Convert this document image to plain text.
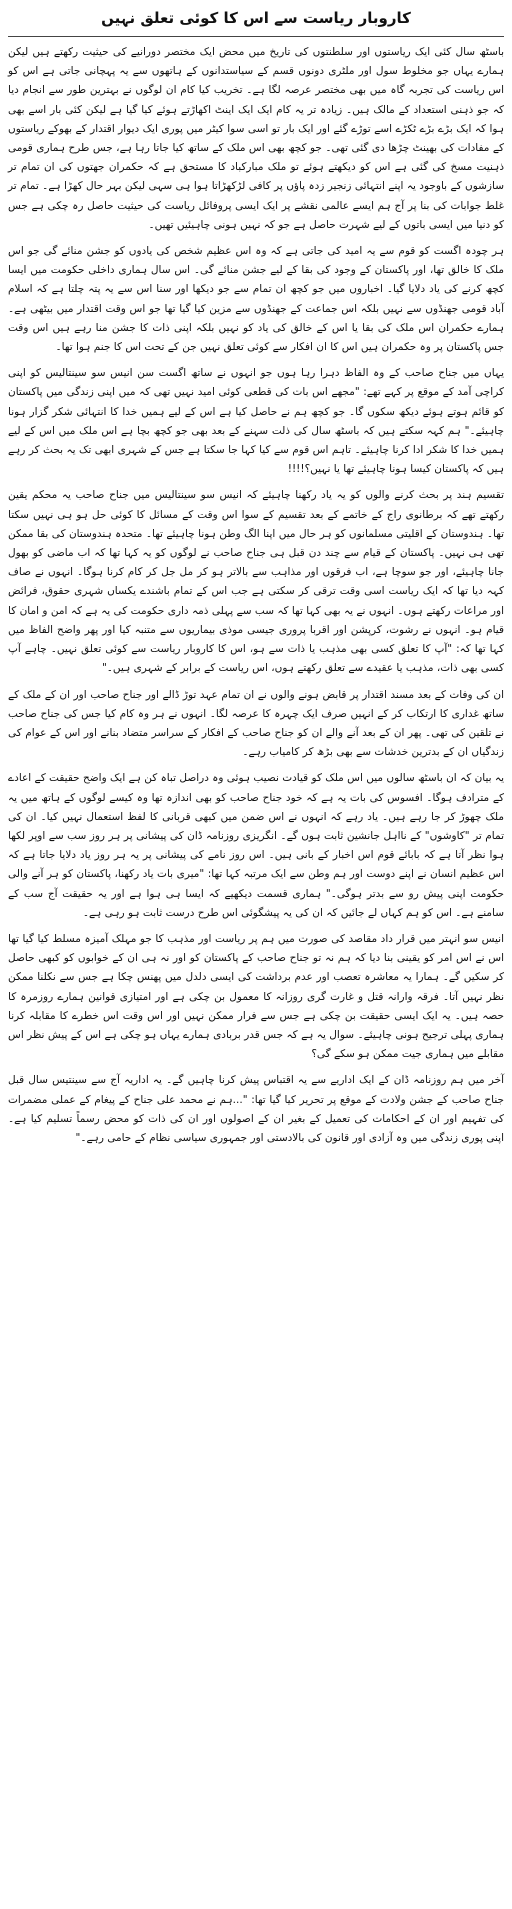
کاروبار ریاست سے اس کا کوئی تعلق نہیں

باسٹھ سال کئی ایک ریاستوں اور سلطنتوں کی تاریخ میں محض ایک مختصر دورانیے کی حیثیت رکھتے ہیں لیکن ہمارے یہاں جو مخلوط سول اور ملٹری دونوں قسم کے سیاستدانوں کے ہاتھوں سے یہ پہچانی جاتی ہے اس کو اس ریاست کی تجربہ گاہ میں بھی مختصر عرصہ لگا ہے۔ تخریب کیا کام ان لوگوں نے بہترین طور سے انجام دیا کہ جو ذہنی استعداد کے مالک ہیں۔ زیادہ تر یہ کام ایک ایک اینٹ اکھاڑتے ہوئے کیا گیا ہے لیکن کئی بار اسے بھی ہوا کہ ایک بڑے بڑے ٹکڑے اسے توڑے گئے اور ایک بار تو اسی سوا کیٹر میں پوری ایک دیوار اقتدار کے بھوکے ریاستوں کے مفادات کی بھینٹ چڑھا دی گئی تھی۔ جو کچھ بھی اس ملک کے ساتھ کیا جاتا رہا ہے، جس طرح ہماری قومی ذہنیت مسخ کی گئی ہے اس کو دیکھتے ہوئے تو ملک مبارکباد کا مستحق ہے کہ حکمران جھتوں کی ان تمام تر سازشوں کے باوجود یہ اپنے انتہائی زنجیر زدہ پاؤں پر کافی لڑکھڑاتا ہوا ہی سہی لیکن بہر حال کھڑا ہے۔ تمام تر غلط جوابات کی بنا پر آج ہم ایسے عالمی نقشے پر ایک ایسی پروفائل ریاست کی حیثیت حاصل رہ چکی ہے جس کو دنیا میں ایسی باتوں کے لیے شہرت حاصل ہے جو کہ نہیں ہونی چاہیئیں تھیں۔

ہر چودہ اگست کو قوم سے یہ امید کی جاتی ہے کہ وہ اس عظیم شخص کی یادوں کو جشن منائے گی جو اس ملک کا خالق تھا، اور پاکستان کے وجود کی بقا کے لیے جشن منائے گی۔ اس سال ہماری داخلی حکومت میں ایسا کچھ کرنے کی یاد دلایا گیا۔ اخباروں میں جو کچھ ان تمام سے جو دیکھا اور سنا اس سے یہ پتہ چلتا ہے کہ اسلام آباد قومی جھنڈوں سے نہیں بلکہ اس جماعت کے جھنڈوں سے مزین کیا گیا تھا جو اس وقت اقتدار میں بیٹھی ہے۔ ہمارے حکمران اس ملک کی بقا یا اس کے خالق کی یاد کو نہیں بلکہ اپنی ذات کا جشن منا رہے ہیں اس وقت جس پاکستان پر وہ حکمران ہیں اس کا ان افکار سے کوئی تعلق نہیں جن کے تحت اس کا جنم ہوا تھا۔

یہاں میں جناح صاحب کے وہ الفاظ دہرا رہا ہوں جو انہوں نے ساتھ اگست سن انیس سو سینتالیس کو اپنی کراچی آمد کے موقع پر کہے تھے: "مجھے اس بات کی قطعی کوئی امید نہیں تھی کہ میں اپنی زندگی میں پاکستان کو قائم ہوتے ہوئے دیکھ سکوں گا۔ جو کچھ ہم نے حاصل کیا ہے اس کے لیے ہمیں خدا کا انتہائی شکر گزار ہونا چاہیئے۔" ہم کہہ سکتے ہیں کہ باسٹھ سال کی ذلت سہنے کے بعد بھی جو کچھ بچا ہے اس ملک میں اس کے لیے ہمیں خدا کا شکر ادا کرنا چاہیئے۔ تاہم اس قوم سے کیا کہا جا سکتا ہے جس کے شہری ابھی تک یہ بحث کر رہے ہیں کہ پاکستان کیسا ہونا چاہیئے تھا یا نہیں؟!!!!

تقسیم ہند پر بحث کرنے والوں کو یہ یاد رکھنا چاہیئے کہ انیس سو سینتالیس میں جناح صاحب یہ محکم یقین رکھتے تھے کہ برطانوی راج کے خاتمے کے بعد تقسیم کے سوا اس وقت کے مسائل کا کوئی حل ہو ہی نہیں سکتا تھا۔ ہندوستان کے اقلیتی مسلمانوں کو ہر حال میں اپنا الگ وطن ہونا چاہیئے تھا۔ متحدہ ہندوستان کی بقا ممکن تھی ہی نہیں۔ پاکستان کے قیام سے چند دن قبل ہی جناح صاحب نے لوگوں کو یہ کہا تھا کہ اب ماضی کو بھول جانا چاہیئے، اور جو سوچا ہے، اب فرقوں اور مذاہب سے بالاتر ہو کر مل جل کر کام کرنا ہوگا۔ انہوں نے صاف کہہ دیا تھا کہ ایک ریاست اسی وقت ترقی کر سکتی ہے جب اس کے تمام باشندے یکساں شہری حقوق، فرائض اور مراعات رکھتے ہوں۔ انہوں نے یہ بھی کہا تھا کہ سب سے پہلی ذمہ داری حکومت کی یہ ہے کہ امن و امان کا قیام ہو۔ انہوں نے رشوت، کرپشن اور اقربا پروری جیسی موذی بیماریوں سے متنبہ کیا اور پھر واضح الفاظ میں کہا تھا کہ: "آپ کا تعلق کسی بھی مذہب یا ذات سے ہو، اس کا کاروبار ریاست سے کوئی تعلق نہیں۔ چاہے آپ کسی بھی ذات، مذہب یا عقیدے سے تعلق رکھتے ہوں، اس ریاست کے برابر کے شہری ہیں۔"

ان کی وفات کے بعد مسند اقتدار پر قابض ہونے والوں نے ان تمام عہد توڑ ڈالے اور جناح صاحب اور ان کے ملک کے ساتھ غداری کا ارتکاب کر کے انہیں صرف ایک چہرہ کا عرصہ لگا۔ انہوں نے ہر وہ کام کیا جس کی جناح صاحب نے تلقین کی تھی۔ پھر ان کے بعد آنے والے ان کو جناح صاحب کے افکار کے سراسر متضاد بنانے اور اس کے عوام کی زندگیاں ان کے بدترین خدشات سے بھی بڑھ کر کامیاب رہے۔

یہ بیان کہ ان باسٹھ سالوں میں اس ملک کو قیادت نصیب ہوئی وہ دراصل تباہ کن ہے ایک واضح حقیقت کے اعادے کے مترادف ہوگا۔ افسوس کی بات یہ ہے کہ خود جناح صاحب کو بھی اندازہ تھا وہ کیسے لوگوں کے ہاتھ میں یہ ملک چھوڑ کر جا رہے ہیں۔ یاد رہے کہ انہوں نے اس ضمن میں کبھی قربانی کا لفظ استعمال نہیں کیا۔ ان کی تمام تر "کاوشوں" کے نااہل جانشین ثابت ہوں گے۔ انگریزی روزنامہ ڈان کی پیشانی پر ہر روز سب سے اوپر لکھا ہوا نظر آتا ہے کہ بابائے قوم اس اخبار کے بانی ہیں۔ اس روز نامے کی پیشانی پر یہ ہر روز یاد دلایا جاتا ہے کہ اس عظیم انسان نے اپنے دوست اور ہم وطن سے ایک مرتبہ کہا تھا: "میری بات یاد رکھنا، پاکستان کو ہر آنے والی حکومت اپنی پیش رو سے بدتر ہوگی۔" ہماری قسمت دیکھیے کہ ایسا ہی ہوا ہے اور یہ حقیقت آج سب کے سامنے ہے۔ اس کو ہم کہاں لے جائیں کہ ان کی یہ پیشگوئی اس طرح درست ثابت ہو رہی ہے۔

انیس سو انہتر میں قرار داد مقاصد کی صورت میں ہم پر ریاست اور مذہب کا جو مہلک آمیزہ مسلط کیا گیا تھا اس نے اس امر کو یقینی بنا دیا کہ ہم نہ تو جناح صاحب کے پاکستان کو اور نہ ہی ان کے خوابوں کو کبھی حاصل کر سکیں گے۔ ہمارا یہ معاشرہ تعصب اور عدم برداشت کی ایسی دلدل میں پھنس چکا ہے جس سے نکلنا ممکن نظر نہیں آتا۔ فرقہ وارانہ قتل و غارت گری روزانہ کا معمول بن چکی ہے اور امتیازی قوانین ہمارے روزمرہ کا حصہ ہیں۔ یہ ایک ایسی حقیقت بن چکی ہے جس سے فرار ممکن نہیں اور اس وقت اس خطرے کا مقابلہ کرنا ہماری پہلی ترجیح ہونی چاہیئے۔ سوال یہ ہے کہ جس قدر بربادی ہمارے یہاں ہو چکی ہے اس کے پیش نظر اس مقابلے میں ہماری جیت ممکن ہو سکے گی؟

آخر میں ہم روزنامہ ڈان کے ایک اداریے سے یہ اقتباس پیش کرنا چاہیں گے۔ یہ اداریہ آج سے سینتیس سال قبل جناح صاحب کے جشن ولادت کے موقع پر تحریر کیا گیا تھا: "...ہم نے محمد علی جناح کے پیغام کے عملی مضمرات کی تفہیم اور ان کے احکامات کی تعمیل کے بغیر ان کے اصولوں اور ان کی ذات کو محض رسماً تسلیم کیا ہے۔ اپنی پوری زندگی میں وہ آزادی اور قانون کی بالادستی اور جمہوری سیاسی نظام کے حامی رہے۔"
